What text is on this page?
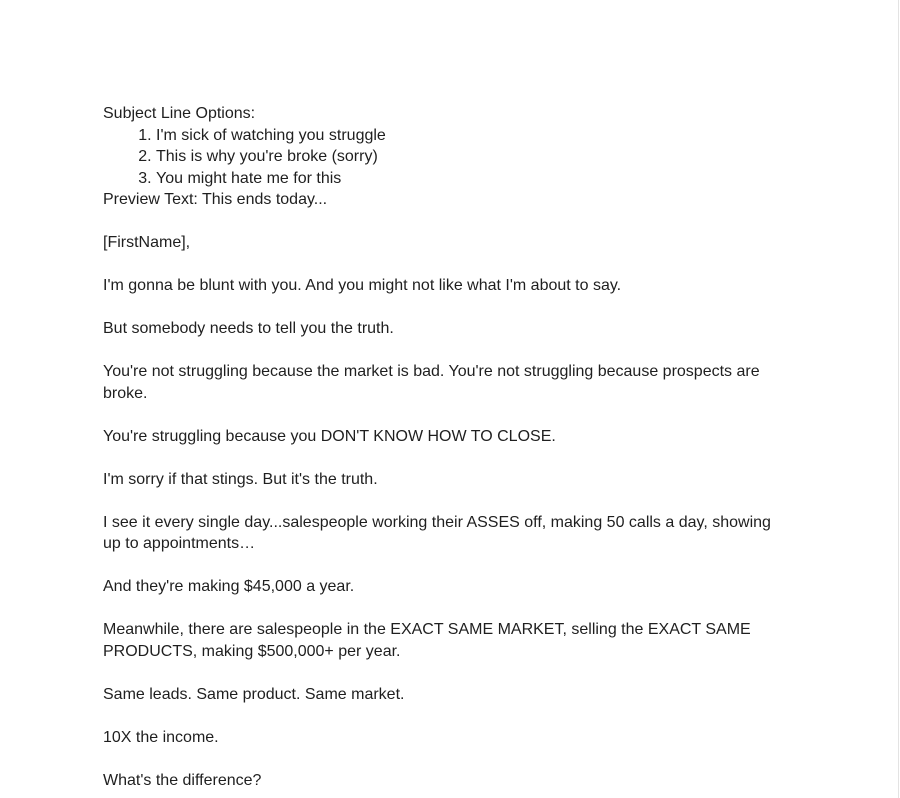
Subject Line Options:

1. I'm sick of watching you struggle
2. This is why you're broke (sorry)
3. You might hate me for this

Preview Text: This ends today...

[FirstName],

I'm gonna be blunt with you. And you might not like what I'm about to say.

But somebody needs to tell you the truth.

You're not struggling because the market is bad. You're not struggling because prospects are broke.

You're struggling because you DON'T KNOW HOW TO CLOSE.

I'm sorry if that stings. But it's the truth.

I see it every single day...salespeople working their ASSES off, making 50 calls a day, showing up to appointments…

And they're making $45,000 a year.

Meanwhile, there are salespeople in the EXACT SAME MARKET, selling the EXACT SAME PRODUCTS, making $500,000+ per year.

Same leads. Same product. Same market.

10X the income.

What's the difference?
